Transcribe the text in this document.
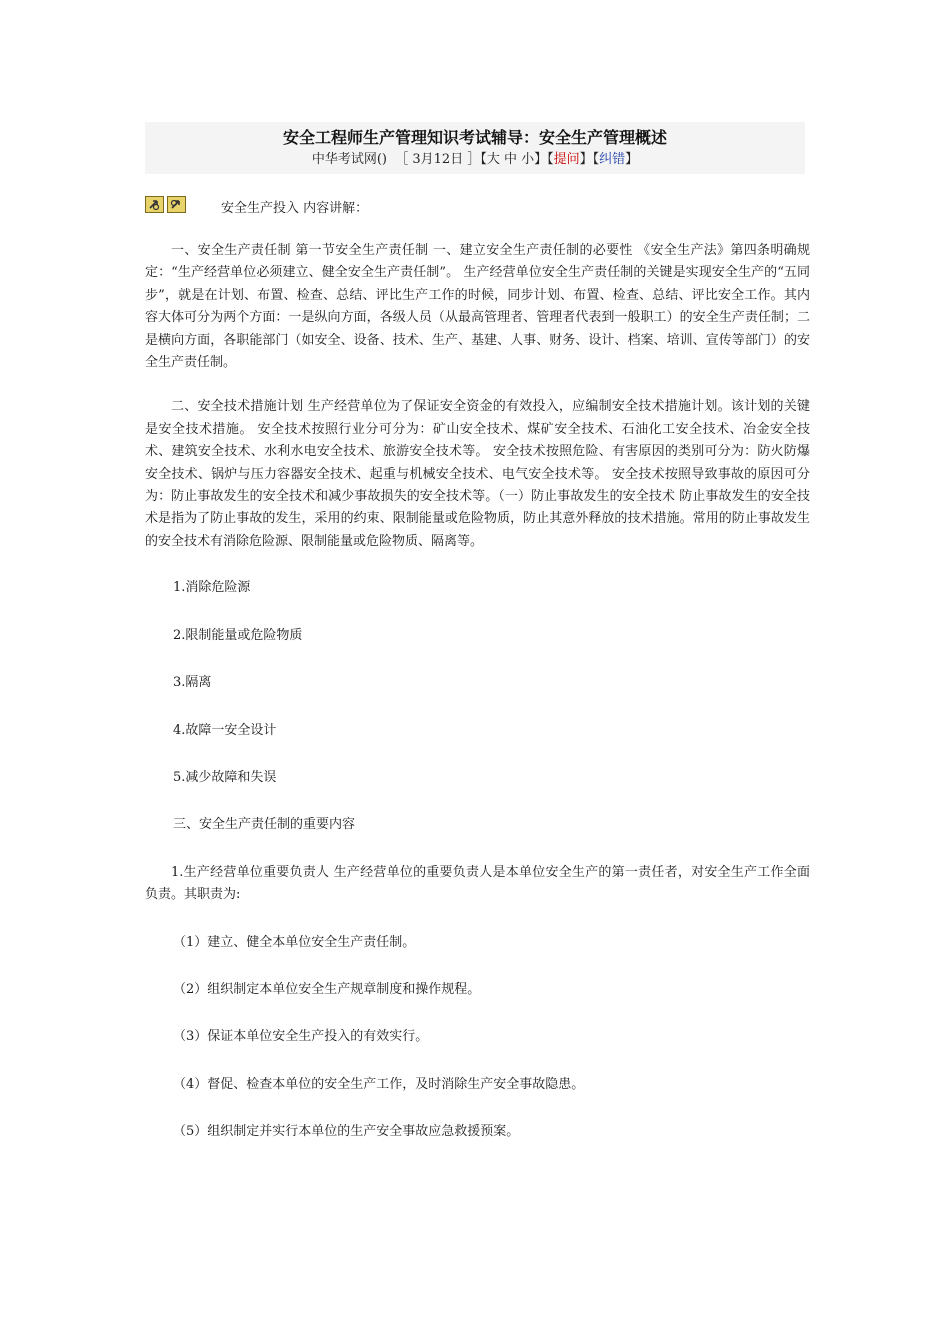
安全工程师生产管理知识考试辅导：安全生产管理概述
中华考试网() ［ 3月12日 ］【大 中 小】【提问】【纠错】
安全生产投入 内容讲解：

一、安全生产责任制 第一节安全生产责任制 一、建立安全生产责任制的必要性 《安全生产法》第四条明确规定：“生产经营单位必须建立、健全安全生产责任制”。 生产经营单位安全生产责任制的关键是实现安全生产的“五同步”，就是在计划、布置、检查、总结、评比生产工作的时候，同步计划、布置、检查、总结、评比安全工作。其内容大体可分为两个方面：一是纵向方面，各级人员（从最高管理者、管理者代表到一般职工）的安全生产责任制；二是横向方面，各职能部门（如安全、设备、技术、生产、基建、人事、财务、设计、档案、培训、宣传等部门）的安全生产责任制。

二、安全技术措施计划 生产经营单位为了保证安全资金的有效投入，应编制安全技术措施计划。该计划的关键是安全技术措施。 安全技术按照行业分可分为：矿山安全技术、煤矿安全技术、石油化工安全技术、冶金安全技术、建筑安全技术、水利水电安全技术、旅游安全技术等。 安全技术按照危险、有害原因的类别可分为：防火防爆安全技术、锅炉与压力容器安全技术、起重与机械安全技术、电气安全技术等。 安全技术按照导致事故的原因可分为：防止事故发生的安全技术和减少事故损失的安全技术等。（一）防止事故发生的安全技术 防止事故发生的安全技术是指为了防止事故的发生，采用的约束、限制能量或危险物质，防止其意外释放的技术措施。常用的防止事故发生的安全技术有消除危险源、限制能量或危险物质、隔离等。

1.消除危险源

2.限制能量或危险物质

3.隔离

4.故障一安全设计

5.减少故障和失误

三、安全生产责任制的重要内容

1.生产经营单位重要负责人 生产经营单位的重要负责人是本单位安全生产的第一责任者，对安全生产工作全面负责。其职责为:

（1）建立、健全本单位安全生产责任制。

（2）组织制定本单位安全生产规章制度和操作规程。

（3）保证本单位安全生产投入的有效实行。

（4）督促、检查本单位的安全生产工作，及时消除生产安全事故隐患。

（5）组织制定并实行本单位的生产安全事故应急救援预案。
